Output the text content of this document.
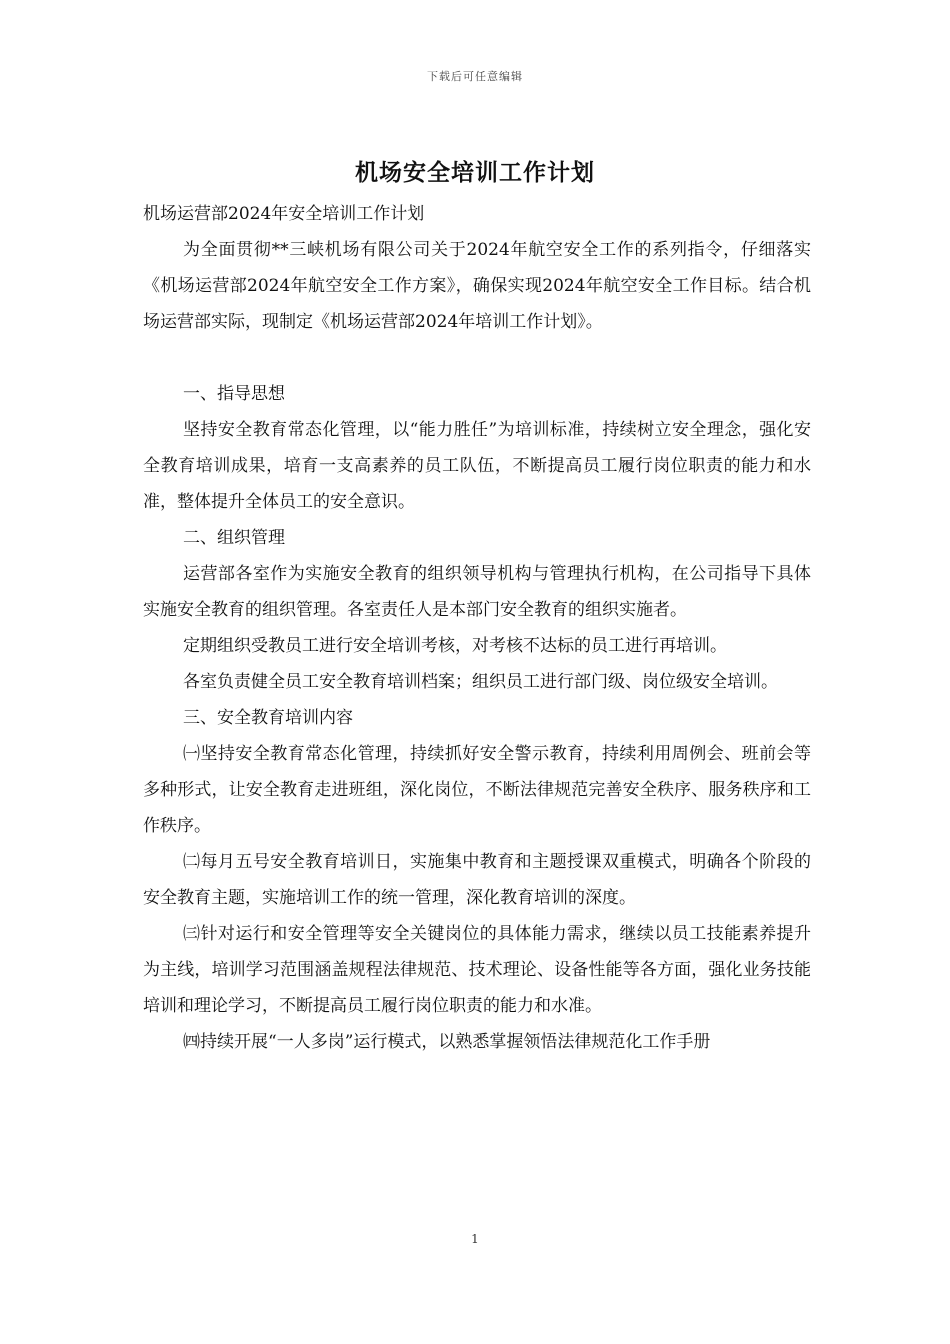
下载后可任意编辑
机场安全培训工作计划

机场运营部2024年安全培训工作计划

为全面贯彻**三峡机场有限公司关于2024年航空安全工作的系列指令，仔细落实《机场运营部2024年航空安全工作方案》，确保实现2024年航空安全工作目标。结合机场运营部实际，现制定《机场运营部2024年培训工作计划》。

一、指导思想

坚持安全教育常态化管理，以“能力胜任”为培训标准，持续树立安全理念，强化安全教育培训成果，培育一支高素养的员工队伍，不断提高员工履行岗位职责的能力和水准，整体提升全体员工的安全意识。

二、组织管理

运营部各室作为实施安全教育的组织领导机构与管理执行机构，在公司指导下具体实施安全教育的组织管理。各室责任人是本部门安全教育的组织实施者。

定期组织受教员工进行安全培训考核，对考核不达标的员工进行再培训。

各室负责健全员工安全教育培训档案；组织员工进行部门级、岗位级安全培训。

三、安全教育培训内容

㈠坚持安全教育常态化管理，持续抓好安全警示教育，持续利用周例会、班前会等多种形式，让安全教育走进班组，深化岗位，不断法律规范完善安全秩序、服务秩序和工作秩序。

㈡每月五号安全教育培训日，实施集中教育和主题授课双重模式，明确各个阶段的安全教育主题，实施培训工作的统一管理，深化教育培训的深度。

㈢针对运行和安全管理等安全关键岗位的具体能力需求，继续以员工技能素养提升为主线，培训学习范围涵盖规程法律规范、技术理论、设备性能等各方面，强化业务技能培训和理论学习，不断提高员工履行岗位职责的能力和水准。

㈣持续开展“一人多岗”运行模式，以熟悉掌握领悟法律规范化工作手册

1
